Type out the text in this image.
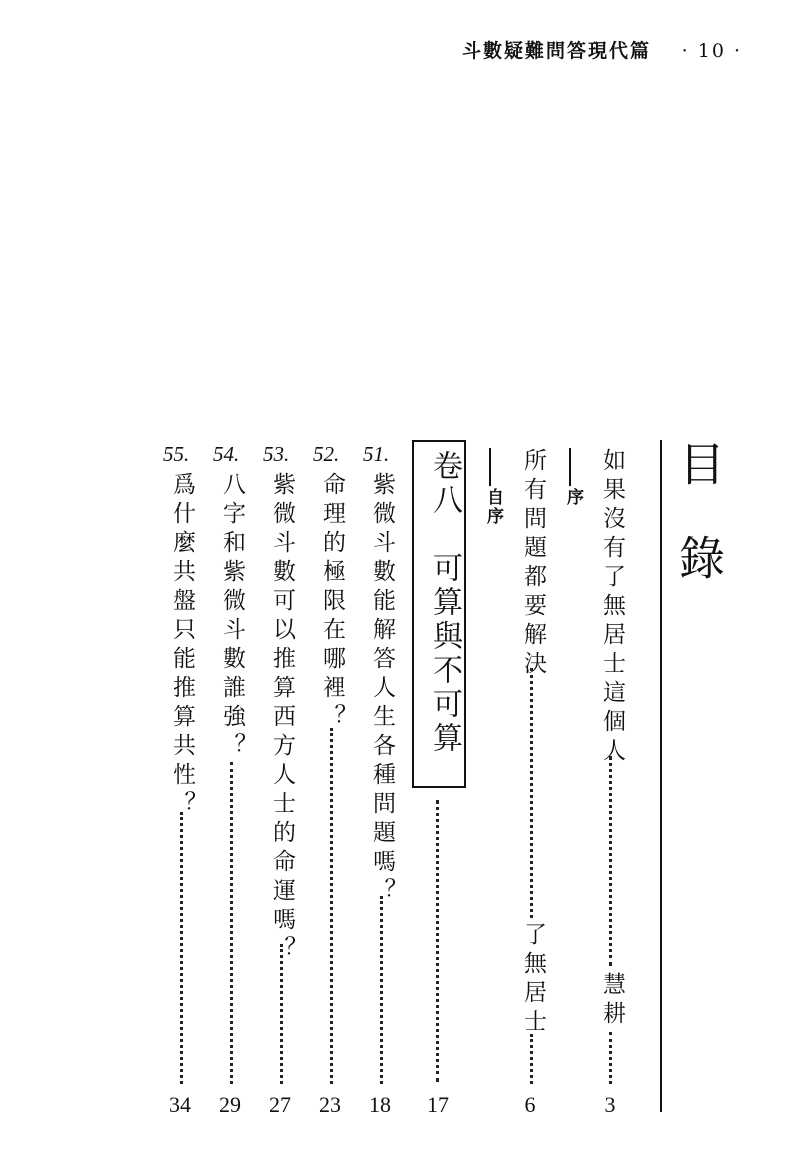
斗數疑難問答現代篇 · 10 ·
目錄
如果沒有了無居士這個人
慧耕
3
序
所有問題都要解決
了無居士
6
自序
卷八　可算與不可算
17
51.
紫微斗數能解答人生各種問題嗎？
18
52.
命理的極限在哪裡？
23
53.
紫微斗數可以推算西方人士的命運嗎？
27
54.
八字和紫微斗數誰強？
29
55.
爲什麼共盤只能推算共性？
34
